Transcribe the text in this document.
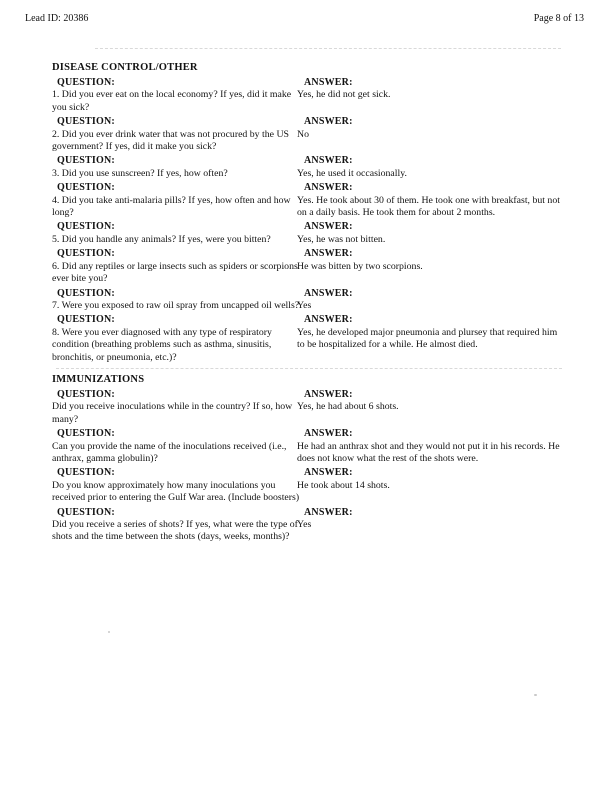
Lead ID: 20386	Page 8 of 13
DISEASE CONTROL/OTHER
QUESTION:
1. Did you ever eat on the local economy? If yes, did it make you sick?
ANSWER:
Yes, he did not get sick.
QUESTION:
2. Did you ever drink water that was not procured by the US government? If yes, did it make you sick?
ANSWER:
No
QUESTION:
3. Did you use sunscreen? If yes, how often?
ANSWER:
Yes, he used it occasionally.
QUESTION:
4. Did you take anti-malaria pills? If yes, how often and how long?
ANSWER:
Yes. He took about 30 of them. He took one with breakfast, but not on a daily basis. He took them for about 2 months.
QUESTION:
5. Did you handle any animals? If yes, were you bitten?
ANSWER:
Yes, he was not bitten.
QUESTION:
6. Did any reptiles or large insects such as spiders or scorpions ever bite you?
ANSWER:
He was bitten by two scorpions.
QUESTION:
7. Were you exposed to raw oil spray from uncapped oil wells?
ANSWER:
Yes
QUESTION:
8. Were you ever diagnosed with any type of respiratory condition (breathing problems such as asthma, sinusitis, bronchitis, or pneumonia, etc.)?
ANSWER:
Yes, he developed major pneumonia and plursey that required him to be hospitalized for a while. He almost died.
IMMUNIZATIONS
QUESTION:
Did you receive inoculations while in the country? If so, how many?
ANSWER:
Yes, he had about 6 shots.
QUESTION:
Can you provide the name of the inoculations received (i.e., anthrax, gamma globulin)?
ANSWER:
He had an anthrax shot and they would not put it in his records. He does not know what the rest of the shots were.
QUESTION:
Do you know approximately how many inoculations you received prior to entering the Gulf War area. (Include boosters)
ANSWER:
He took about 14 shots.
QUESTION:
Did you receive a series of shots? If yes, what were the type of shots and the time between the shots (days, weeks, months)?
ANSWER:
Yes
